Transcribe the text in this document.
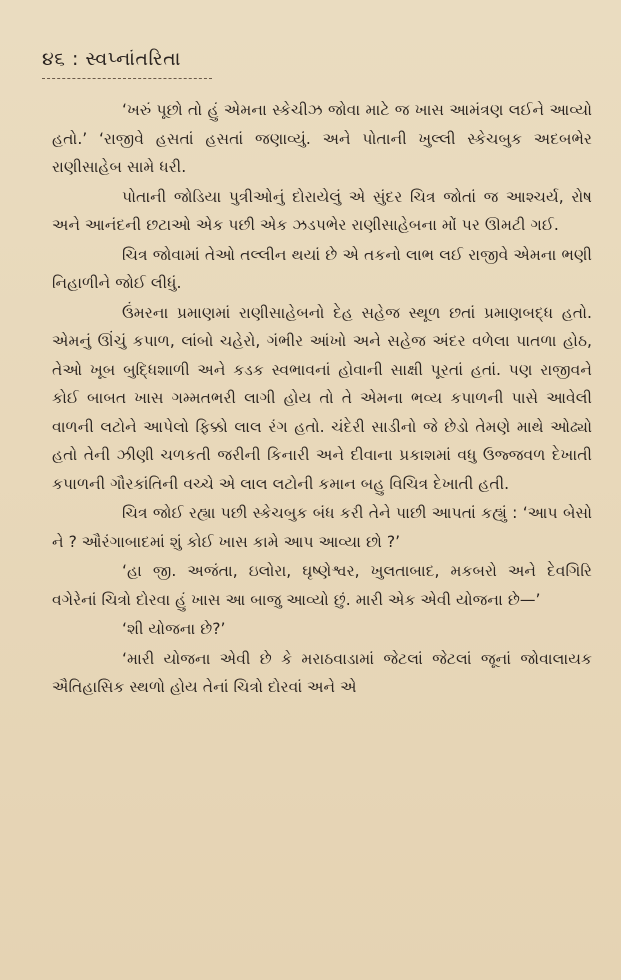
૪૬ : સ્વપ્નાંતરિતા

‘ખરું પૂછો તો હું એમના સ્કેચીઝ જોવા માટે જ ખાસ આમંત્રણ લઈને આવ્યો હતો.’ ‘રાજીવે હસતાં હસતાં જણાવ્યું. અને પોતાની ખુલ્લી સ્કેચબુક અદબભેર રાણીસાહેબ સામે ધરી.

પોતાની જોડિયા પુત્રીઓનું દોરાયેલું એ સુંદર ચિત્ર જોતાં જ આશ્ચર્ય, રોષ અને આનંદની છટાઓ એક પછી એક ઝડપભેર રાણીસાહેબના મોં પર ઊમટી ગઈ.

ચિત્ર જોવામાં તેઓ તલ્લીન થયાં છે એ તકનો લાભ લઈ રાજીવે એમના ભણી નિહાળીને જોઈ લીધું.

ઉંમરના પ્રમાણમાં રાણીસાહેબનો દેહ સહેજ સ્થૂળ છતાં પ્રમાણબદ્ધ હતો. એમનું ઊંચું કપાળ, લાંબો ચહેરો, ગંભીર આંખો અને સહેજ અંદર વળેલા પાતળા હોઠ, તેઓ ખૂબ બુદ્ધિશાળી અને કડક સ્વભાવનાં હોવાની સાક્ષી પૂરતાં હતાં. પણ રાજીવને કોઈ બાબત ખાસ ગમ્મતભરી લાગી હોય તો તે એમના ભવ્ય કપાળની પાસે આવેલી વાળની લટોને આપેલો ફિક્કો લાલ રંગ હતો. ચંદેરી સાડીનો જે છેડો તેમણે માથે ઓઢ્યો હતો તેની ઝીણી ચળકતી જરીની કિનારી અને દીવાના પ્રકાશમાં વધુ ઉજ્જવળ દેખાતી કપાળની ગૌરકાંતિની વચ્ચે એ લાલ લટોની કમાન બહુ વિચિત્ર દેખાતી હતી.

ચિત્ર જોઈ રહ્યા પછી સ્કેચબુક બંધ કરી તેને પાછી આપતાં કહ્યું : ‘આપ બેસો ને ? ઔરંગાબાદમાં શું કોઈ ખાસ કામે આપ આવ્યા છો ?’

‘હા જી. અજંતા, ઇલોરા, ઘૃષ્ણેશ્વર, ખુલતાબાદ, મકબરો અને દેવગિરિ વગેરેનાં ચિત્રો દોરવા હું ખાસ આ બાજુ આવ્યો છું. મારી એક એવી યોજના છે—’

‘શી યોજના છે?’

‘મારી યોજના એવી છે કે મરાઠવાડામાં જેટલાં જેટલાં જૂનાં જોવાલાયક ઐતિહાસિક સ્થળો હોય તેનાં ચિત્રો દોરવાં અને એ
